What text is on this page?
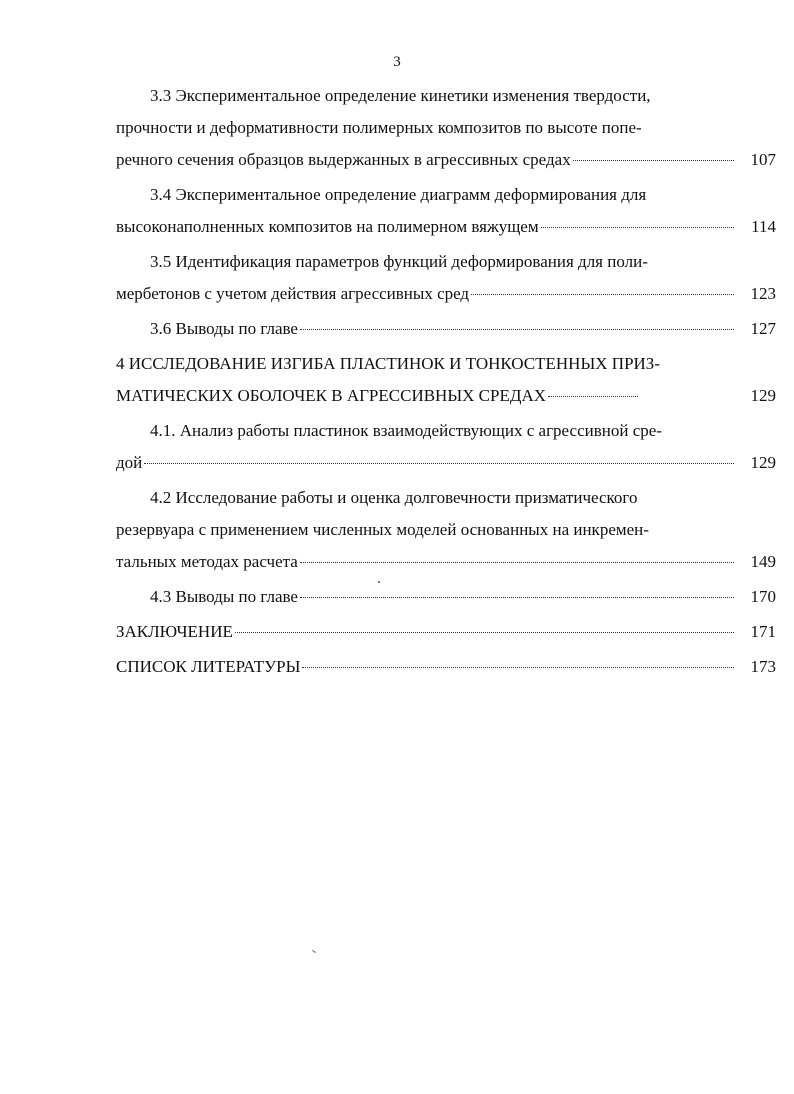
3
3.3 Экспериментальное определение кинетики изменения твердости,
прочности и деформативности полимерных композитов по высоте попе-
речного сечения образцов выдержанных в агрессивных средах	107
3.4 Экспериментальное определение диаграмм деформирования для
высоконаполненных композитов на полимерном вяжущем	114
3.5 Идентификация параметров функций деформирования для поли-
мербетонов с учетом действия агрессивных сред	123
3.6 Выводы по главе	127
4 ИССЛЕДОВАНИЕ ИЗГИБА ПЛАСТИНОК И ТОНКОСТЕННЫХ ПРИЗ-
МАТИЧЕСКИХ ОБОЛОЧЕК В АГРЕССИВНЫХ СРЕДАХ	129
4.1. Анализ работы пластинок взаимодействующих с агрессивной сре-
дой	129
4.2 Исследование работы и оценка долговечности призматического
резервуара с применением численных моделей основанных на инкремен-
тальных методах расчета	149
4.3 Выводы по главе	170
ЗАКЛЮЧЕНИЕ	171
СПИСОК ЛИТЕРАТУРЫ	173
